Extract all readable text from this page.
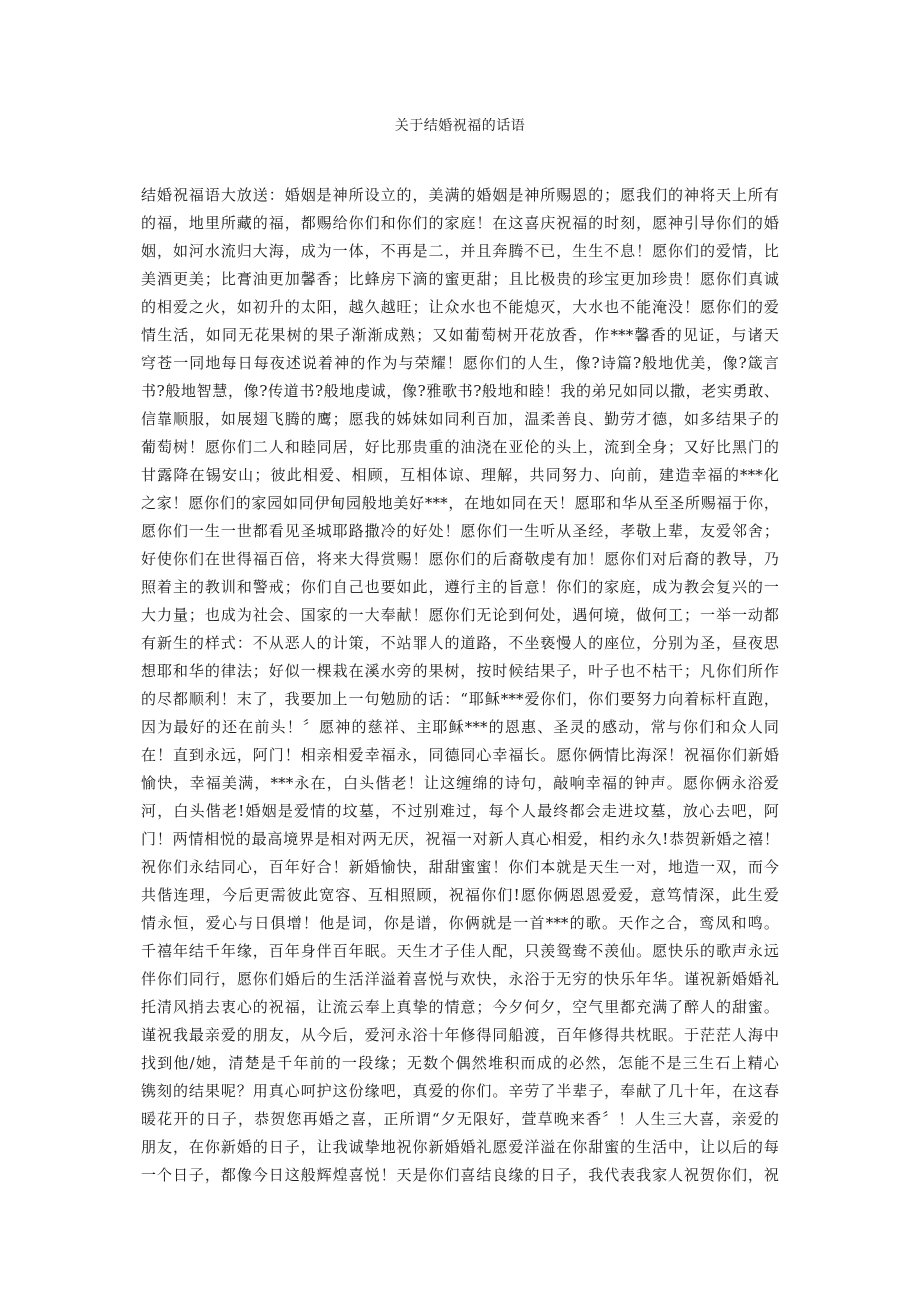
关于结婚祝福的话语
结婚祝福语大放送：婚姻是神所设立的，美满的婚姻是神所赐恩的；愿我们的神将天上所有
的福，地里所藏的福，都赐给你们和你们的家庭！在这喜庆祝福的时刻，愿神引导你们的婚
姻，如河水流归大海，成为一体，不再是二，并且奔腾不已，生生不息！愿你们的爱情，比
美酒更美；比膏油更加馨香；比蜂房下滴的蜜更甜；且比极贵的珍宝更加珍贵！愿你们真诚
的相爱之火，如初升的太阳，越久越旺；让众水也不能熄灭，大水也不能淹没！愿你们的爱
情生活，如同无花果树的果子渐渐成熟；又如葡萄树开花放香，作***馨香的见证，与诸天
穹苍一同地每日每夜述说着神的作为与荣耀！愿你们的人生，像?诗篇?般地优美，像?箴言
书?般地智慧，像?传道书?般地虔诚，像?雅歌书?般地和睦！我的弟兄如同以撒，老实勇敢、
信靠顺服，如展翅飞腾的鹰；愿我的姊妹如同利百加，温柔善良、勤劳才德，如多结果子的
葡萄树！愿你们二人和睦同居，好比那贵重的油浇在亚伦的头上，流到全身；又好比黑门的
甘露降在锡安山；彼此相爱、相顾，互相体谅、理解，共同努力、向前，建造幸福的***化
之家！愿你们的家园如同伊甸园般地美好***，在地如同在天！愿耶和华从至圣所赐福于你，
愿你们一生一世都看见圣城耶路撒冷的好处！愿你们一生听从圣经，孝敬上辈，友爱邻舍；
好使你们在世得福百倍，将来大得赏赐！愿你们的后裔敬虔有加！愿你们对后裔的教导，乃
照着主的教训和警戒；你们自己也要如此，遵行主的旨意！你们的家庭，成为教会复兴的一
大力量；也成为社会、国家的一大奉献！愿你们无论到何处，遇何境，做何工；一举一动都
有新生的样式：不从恶人的计策，不站罪人的道路，不坐亵慢人的座位，分别为圣，昼夜思
想耶和华的律法；好似一棵栽在溪水旁的果树，按时候结果子，叶子也不枯干；凡你们所作
的尽都顺利！末了，我要加上一句勉励的话：“耶稣***爱你们，你们要努力向着标杆直跑，
因为最好的还在前头！〞愿神的慈祥、主耶稣***的恩惠、圣灵的感动，常与你们和众人同
在！直到永远，阿门！相亲相爱幸福永，同德同心幸福长。愿你俩情比海深！祝福你们新婚
愉快，幸福美满，***永在，白头偕老！让这缠绵的诗句，敲响幸福的钟声。愿你俩永浴爱
河，白头偕老!婚姻是爱情的坟墓，不过别难过，每个人最终都会走进坟墓，放心去吧，阿
门！两情相悦的最高境界是相对两无厌，祝福一对新人真心相爱，相约永久!恭贺新婚之禧！
祝你们永结同心，百年好合！新婚愉快，甜甜蜜蜜！你们本就是天生一对，地造一双，而今
共偕连理，今后更需彼此宽容、互相照顾，祝福你们!愿你俩恩恩爱爱，意笃情深，此生爱
情永恒，爱心与日俱增！他是词，你是谱，你俩就是一首***的歌。天作之合，鸾凤和鸣。
千禧年结千年缘，百年身伴百年眠。天生才子佳人配，只羡鸳鸯不羡仙。愿快乐的歌声永远
伴你们同行，愿你们婚后的生活洋溢着喜悦与欢快，永浴于无穷的快乐年华。谨祝新婚婚礼
托清风捎去衷心的祝福，让流云奉上真挚的情意；今夕何夕，空气里都充满了醉人的甜蜜。
谨祝我最亲爱的朋友，从今后，爱河永浴十年修得同船渡，百年修得共枕眠。于茫茫人海中
找到他/她，清楚是千年前的一段缘；无数个偶然堆积而成的必然，怎能不是三生石上精心
镌刻的结果呢？用真心呵护这份缘吧，真爱的你们。辛劳了半辈子，奉献了几十年，在这春
暖花开的日子，恭贺您再婚之喜，正所谓“夕无限好，萱草晚来香〞！人生三大喜，亲爱的
朋友，在你新婚的日子，让我诚挚地祝你新婚婚礼愿爱洋溢在你甜蜜的生活中，让以后的每
一个日子，都像今日这般辉煌喜悦！天是你们喜结良缘的日子，我代表我家人祝贺你们，祝
